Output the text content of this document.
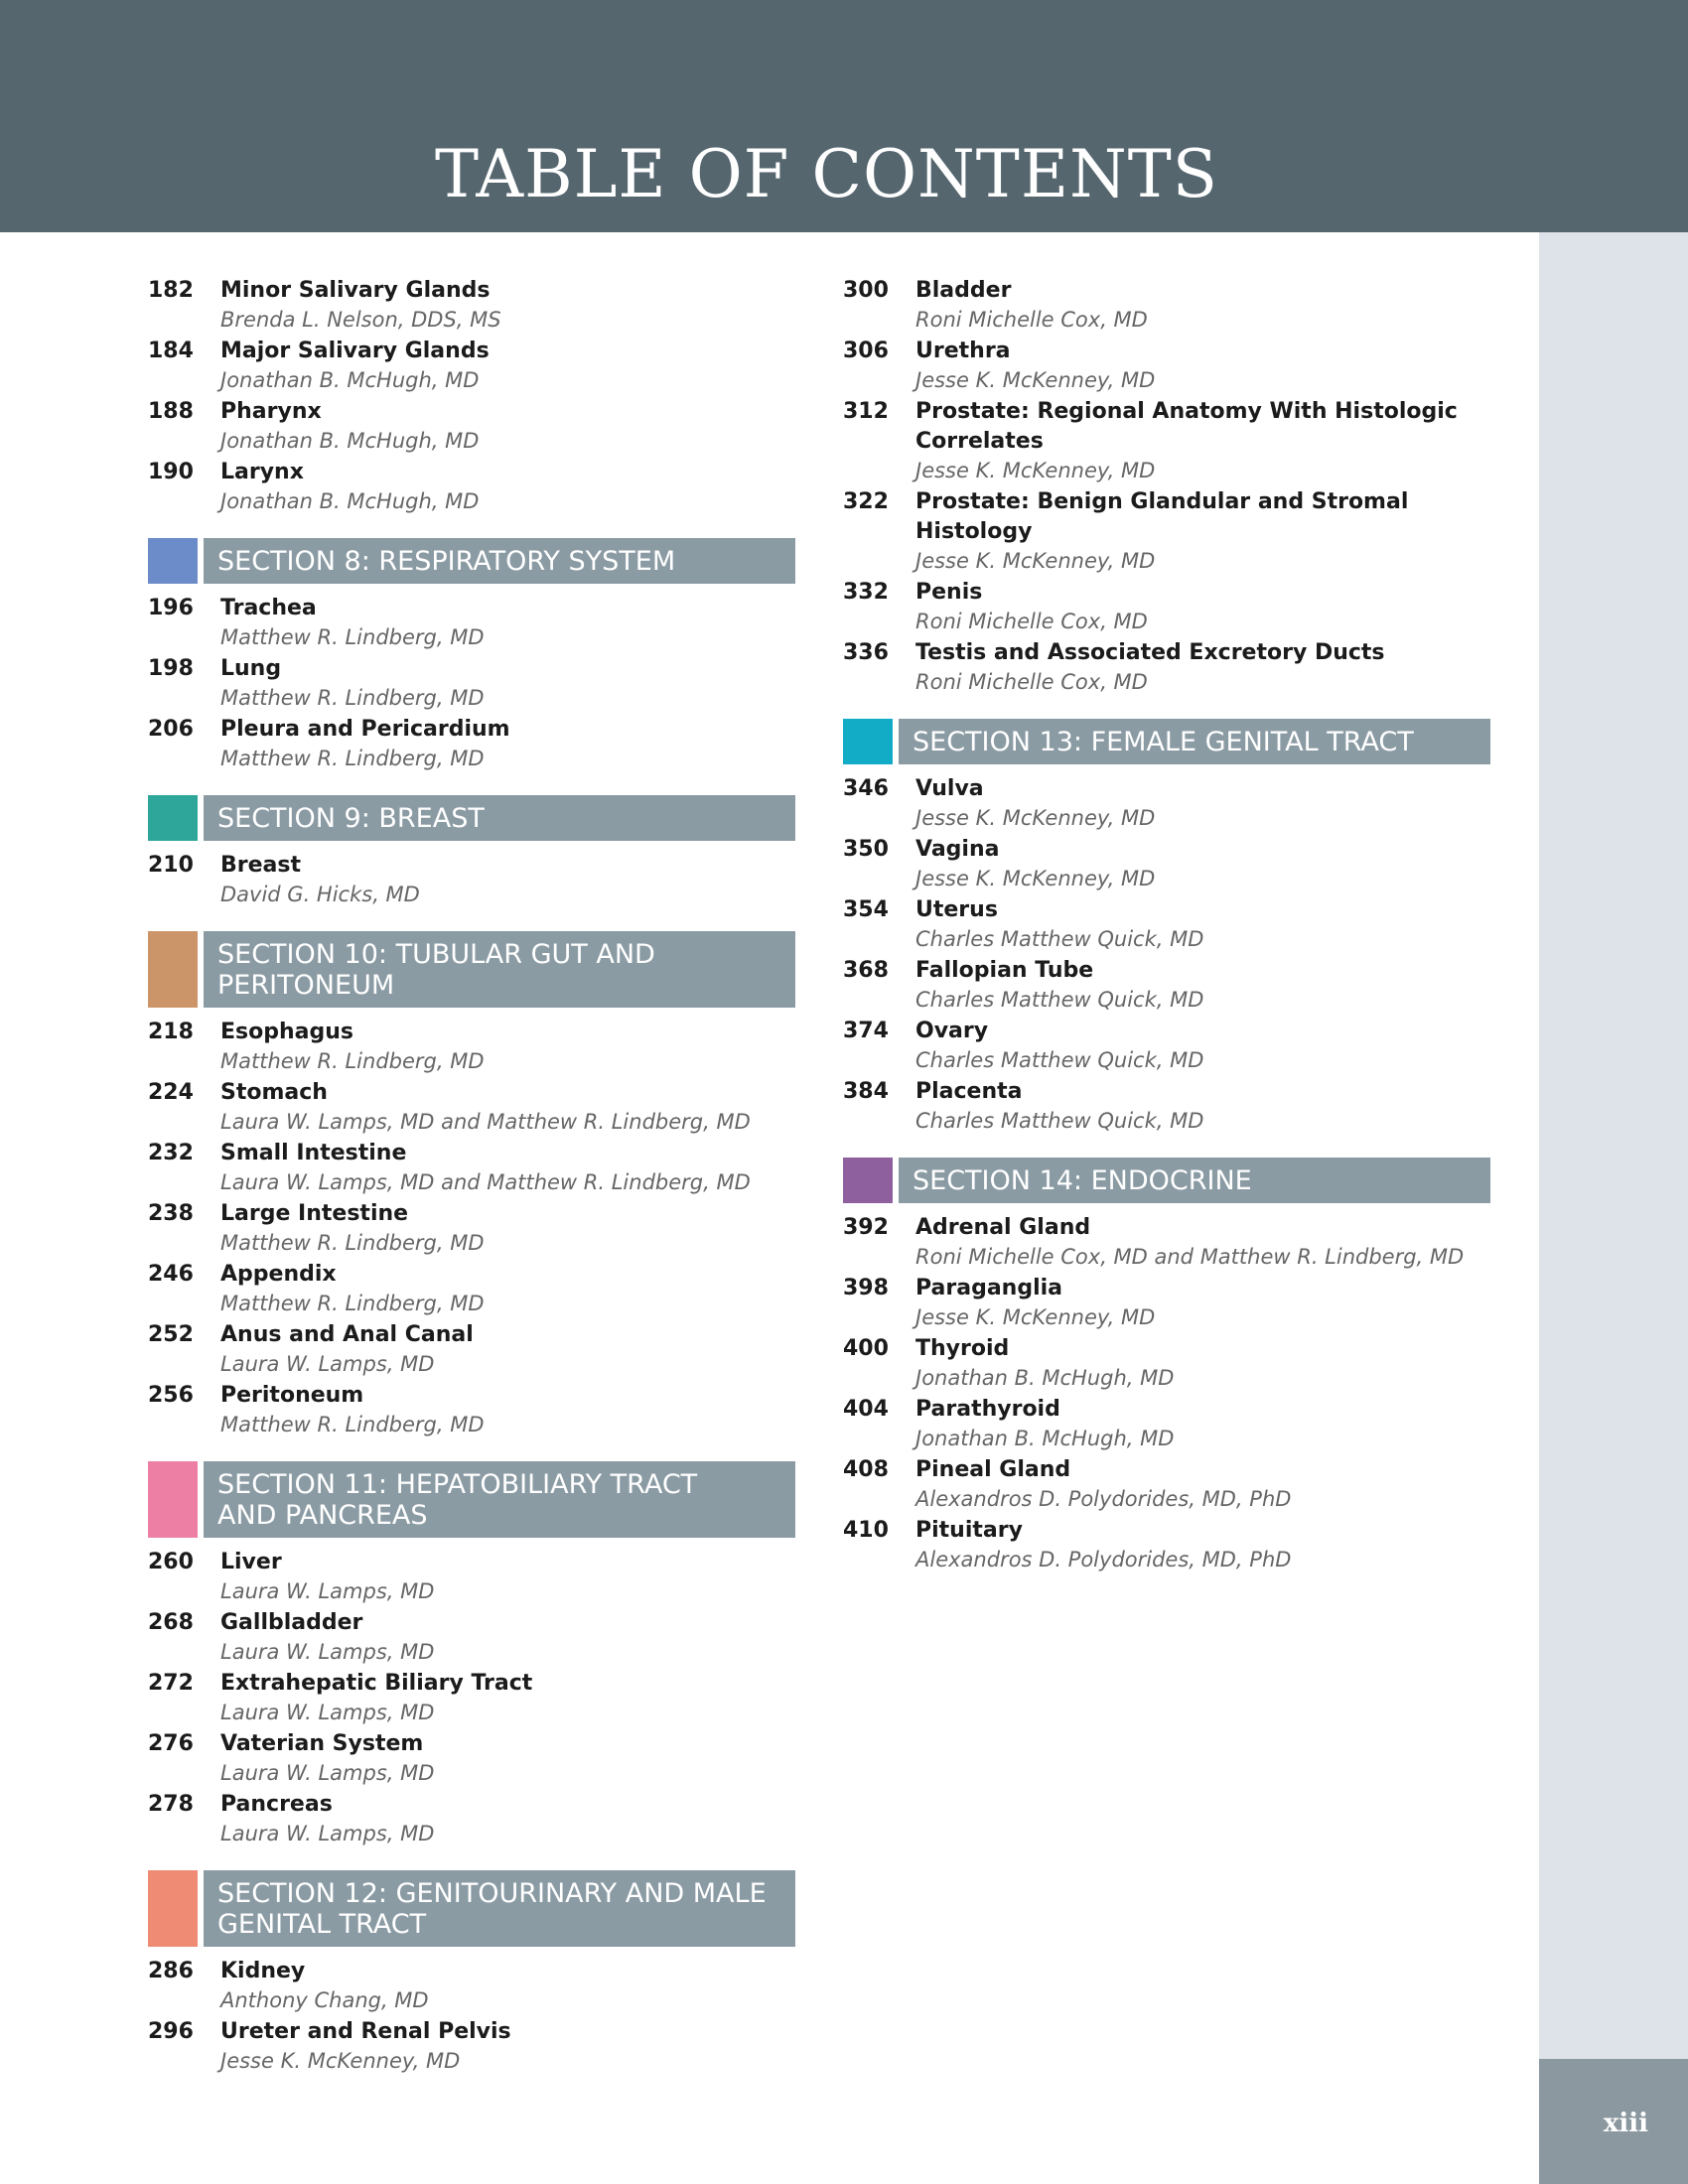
TABLE OF CONTENTS
xiii
182 Minor Salivary Glands
Brenda L. Nelson, DDS, MS
184 Major Salivary Glands
Jonathan B. McHugh, MD
188 Pharynx
Jonathan B. McHugh, MD
190 Larynx
Jonathan B. McHugh, MD
SECTION 8: RESPIRATORY SYSTEM
196 Trachea
Matthew R. Lindberg, MD
198 Lung
Matthew R. Lindberg, MD
206 Pleura and Pericardium
Matthew R. Lindberg, MD
SECTION 9: BREAST
210 Breast
David G. Hicks, MD
SECTION 10: TUBULAR GUT AND
PERITONEUM
218 Esophagus
Matthew R. Lindberg, MD
224 Stomach
Laura W. Lamps, MD and Matthew R. Lindberg, MD
232 Small Intestine
Laura W. Lamps, MD and Matthew R. Lindberg, MD
238 Large Intestine
Matthew R. Lindberg, MD
246 Appendix
Matthew R. Lindberg, MD
252 Anus and Anal Canal
Laura W. Lamps, MD
256 Peritoneum
Matthew R. Lindberg, MD
SECTION 11: HEPATOBILIARY TRACT
AND PANCREAS
260 Liver
Laura W. Lamps, MD
268 Gallbladder
Laura W. Lamps, MD
272 Extrahepatic Biliary Tract
Laura W. Lamps, MD
276 Vaterian System
Laura W. Lamps, MD
278 Pancreas
Laura W. Lamps, MD
SECTION 12: GENITOURINARY AND MALE
GENITAL TRACT
286 Kidney
Anthony Chang, MD
296 Ureter and Renal Pelvis
Jesse K. McKenney, MD
300 Bladder
Roni Michelle Cox, MD
306 Urethra
Jesse K. McKenney, MD
312 Prostate: Regional Anatomy With Histologic Correlates
Jesse K. McKenney, MD
322 Prostate: Benign Glandular and Stromal Histology
Jesse K. McKenney, MD
332 Penis
Roni Michelle Cox, MD
336 Testis and Associated Excretory Ducts
Roni Michelle Cox, MD
SECTION 13: FEMALE GENITAL TRACT
346 Vulva
Jesse K. McKenney, MD
350 Vagina
Jesse K. McKenney, MD
354 Uterus
Charles Matthew Quick, MD
368 Fallopian Tube
Charles Matthew Quick, MD
374 Ovary
Charles Matthew Quick, MD
384 Placenta
Charles Matthew Quick, MD
SECTION 14: ENDOCRINE
392 Adrenal Gland
Roni Michelle Cox, MD and Matthew R. Lindberg, MD
398 Paraganglia
Jesse K. McKenney, MD
400 Thyroid
Jonathan B. McHugh, MD
404 Parathyroid
Jonathan B. McHugh, MD
408 Pineal Gland
Alexandros D. Polydorides, MD, PhD
410 Pituitary
Alexandros D. Polydorides, MD, PhD
